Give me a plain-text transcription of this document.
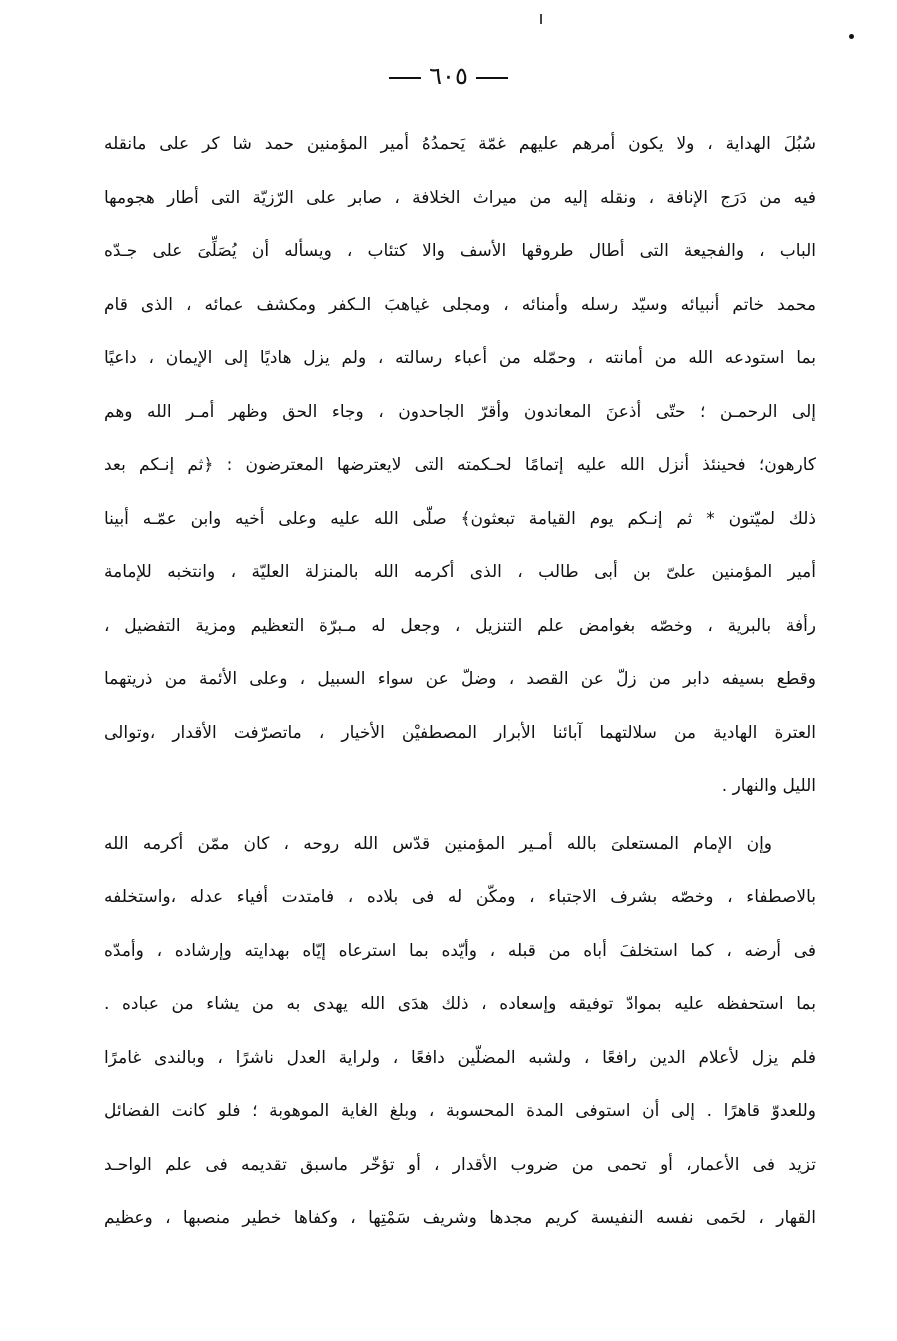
٦٠٥
سُبُلَ الهداية ، ولا يكون أمرهم عليهم غمّة يَحمدُهُ أمير المؤمنين حمد شا كر على مانقله
فيه من دَرَج الإنافة ، ونقله إليه من ميراث الخلافة ، صابر على الرّزيّة التى أطار هجومها
الباب ، والفجيعة التى أطال طروقها الأسف والا كتئاب ، ويسأله أن يُصَلِّىَ على جـدّه
محمد خاتم أنبيائه وسيّد رسله وأمنائه ، ومجلى غياهبَ الـكفر ومكشف عمائه ، الذى قام
بما استودعه الله من أمانته ، وحمّله من أعباء رسالته ، ولم يزل هاديًا إلى الإيمان ، داعيًا
إلى الرحمـن ؛ حتّى أذعنَ المعاندون وأقرّ الجاحدون ، وجاء الحق وظهر أمـر الله وهم
كارهون؛ فحينئذ أنزل الله عليه إتمامًا لحـكمته التى لايعترضها المعترضون : ﴿ثم إنـكم بعد
ذلك لميّتون * ثم إنـكم يوم القيامة تبعثون﴾ صلّى الله عليه وعلى أخيه وابن عمّـه أبينا
أمير المؤمنين علىّ بن أبى طالب ، الذى أكرمه الله بالمنزلة العليّة ، وانتخبه للإمامة
رأفة بالبرية ، وخصّه بغوامض علم التنزيل ، وجعل له مـبرّة التعظيم ومزية التفضيل ،
وقطع بسيفه دابر من زلّ عن القصد ، وضلّ عن سواء السبيل ، وعلى الأئمة من ذريتهما
العترة الهادية من سلالتهما آبائنا الأبرار المصطفيْن الأخيار ، ماتصرّفت الأقدار ،وتوالى
الليل والنهار .
وإن الإمام المستعلىَ بالله أمـير المؤمنين قدّس الله روحه ، كان ممّن أكرمه الله
بالاصطفاء ، وخصّه بشرف الاجتباء ، ومكّن له فى بلاده ، فامتدت أفياء عدله ،واستخلفه
فى أرضه ، كما استخلفَ أباه من قبله ، وأيّده بما استرعاه إيّاه بهدايته وإرشاده ، وأمدّه
بما استحفظه عليه بموادّ توفيقه وإسعاده ، ذلك هدَى الله يهدى به من يشاء من عباده .
فلم يزل لأعلام الدين رافعًا ، ولشبه المضلّين دافعًا ، ولراية العدل ناشرًا ، وبالندى غامرًا
وللعدوّ قاهرًا . إلى أن استوفى المدة المحسوبة ، وبلغ الغاية الموهوبة ؛ فلو كانت الفضائل
تزيد فى الأعمار، أو تحمى من ضروب الأقدار ، أو تؤخّر ماسبق تقديمه فى علم الواحـد
القهار ، لحَمى نفسه النفيسة كريم مجدها وشريف سَمْتِها ، وكفاها خطير منصبها ، وعظيم
